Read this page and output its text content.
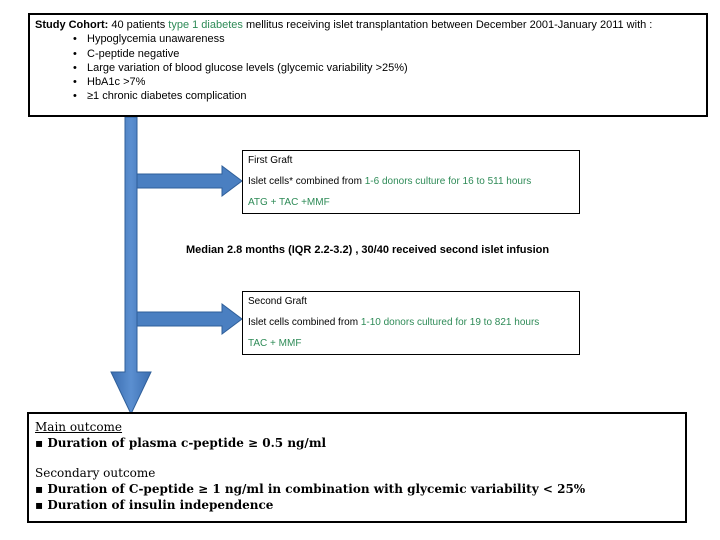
Study Cohort: 40 patients type 1 diabetes mellitus receiving islet transplantation between December 2001-January 2011 with :
• Hypoglycemia unawareness
• C-peptide negative
• Large variation of blood glucose levels (glycemic variability >25%)
• HbA1c >7%
• ≥1 chronic diabetes complication
First Graft
Islet cells* combined from 1-6 donors culture for 16 to 511 hours
ATG + TAC +MMF
Median 2.8 months (IQR 2.2-3.2) , 30/40 received second islet infusion
Second Graft
Islet cells combined from 1-10 donors cultured for 19 to 821 hours
TAC + MMF
Main outcome
▪ Duration of plasma c-peptide ≥ 0.5 ng/ml
Secondary outcome
▪ Duration of C-peptide ≥ 1 ng/ml in combination with glycemic variability < 25%
▪ Duration of insulin independence
